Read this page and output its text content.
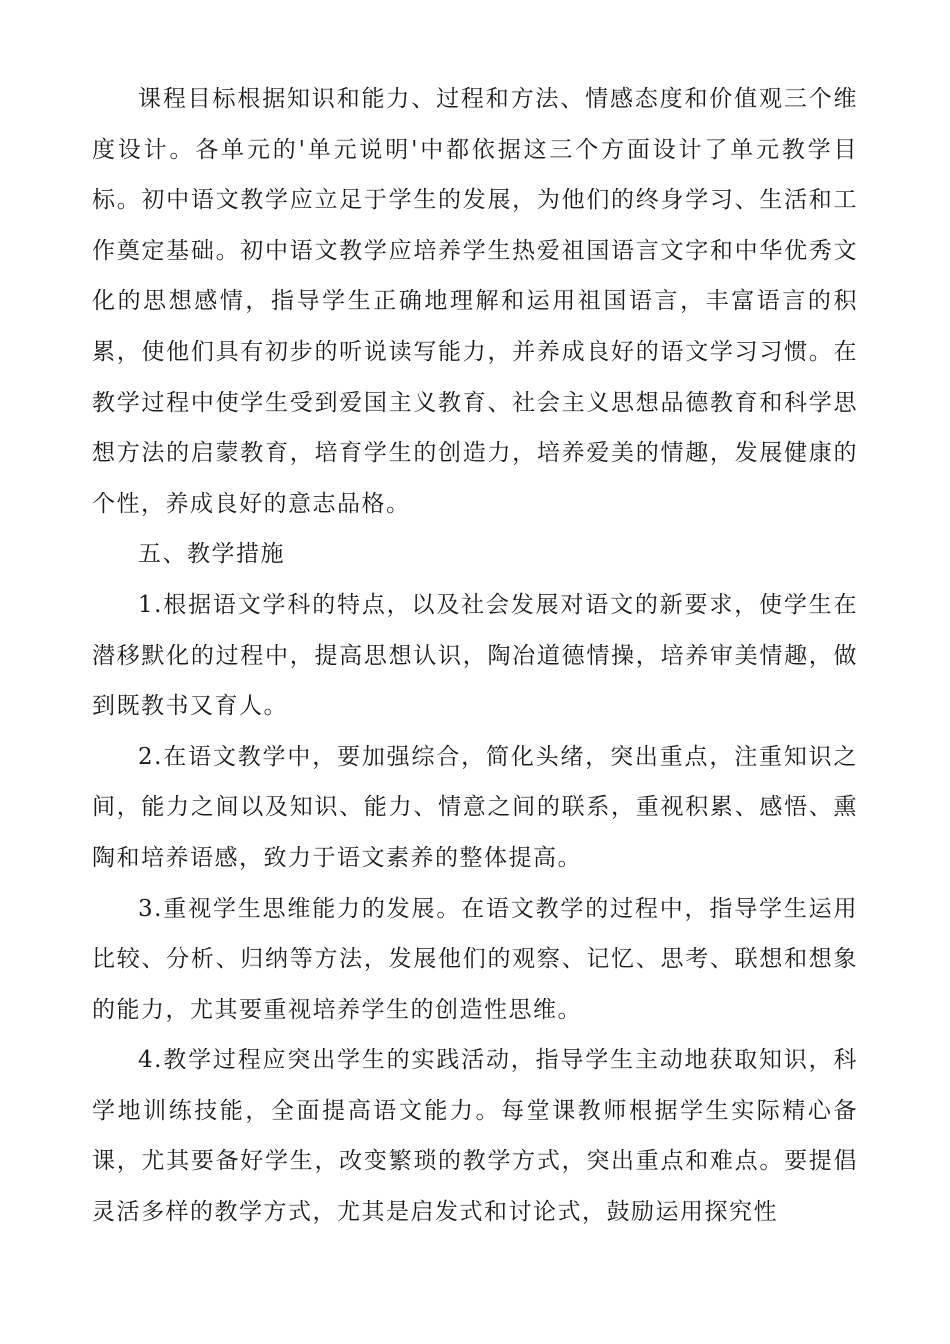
课程目标根据知识和能力、过程和方法、情感态度和价值观三个维度设计。各单元的'单元说明'中都依据这三个方面设计了单元教学目标。初中语文教学应立足于学生的发展，为他们的终身学习、生活和工作奠定基础。初中语文教学应培养学生热爱祖国语言文字和中华优秀文化的思想感情，指导学生正确地理解和运用祖国语言，丰富语言的积累，使他们具有初步的听说读写能力，并养成良好的语文学习习惯。在教学过程中使学生受到爱国主义教育、社会主义思想品德教育和科学思想方法的启蒙教育，培育学生的创造力，培养爱美的情趣，发展健康的个性，养成良好的意志品格。

五、教学措施

1.根据语文学科的特点，以及社会发展对语文的新要求，使学生在潜移默化的过程中，提高思想认识，陶冶道德情操，培养审美情趣，做到既教书又育人。

2.在语文教学中，要加强综合，简化头绪，突出重点，注重知识之间，能力之间以及知识、能力、情意之间的联系，重视积累、感悟、熏陶和培养语感，致力于语文素养的整体提高。

3.重视学生思维能力的发展。在语文教学的过程中，指导学生运用比较、分析、归纳等方法，发展他们的观察、记忆、思考、联想和想象的能力，尤其要重视培养学生的创造性思维。

4.教学过程应突出学生的实践活动，指导学生主动地获取知识，科学地训练技能，全面提高语文能力。每堂课教师根据学生实际精心备课，尤其要备好学生，改变繁琐的教学方式，突出重点和难点。要提倡灵活多样的教学方式，尤其是启发式和讨论式，鼓励运用探究性
